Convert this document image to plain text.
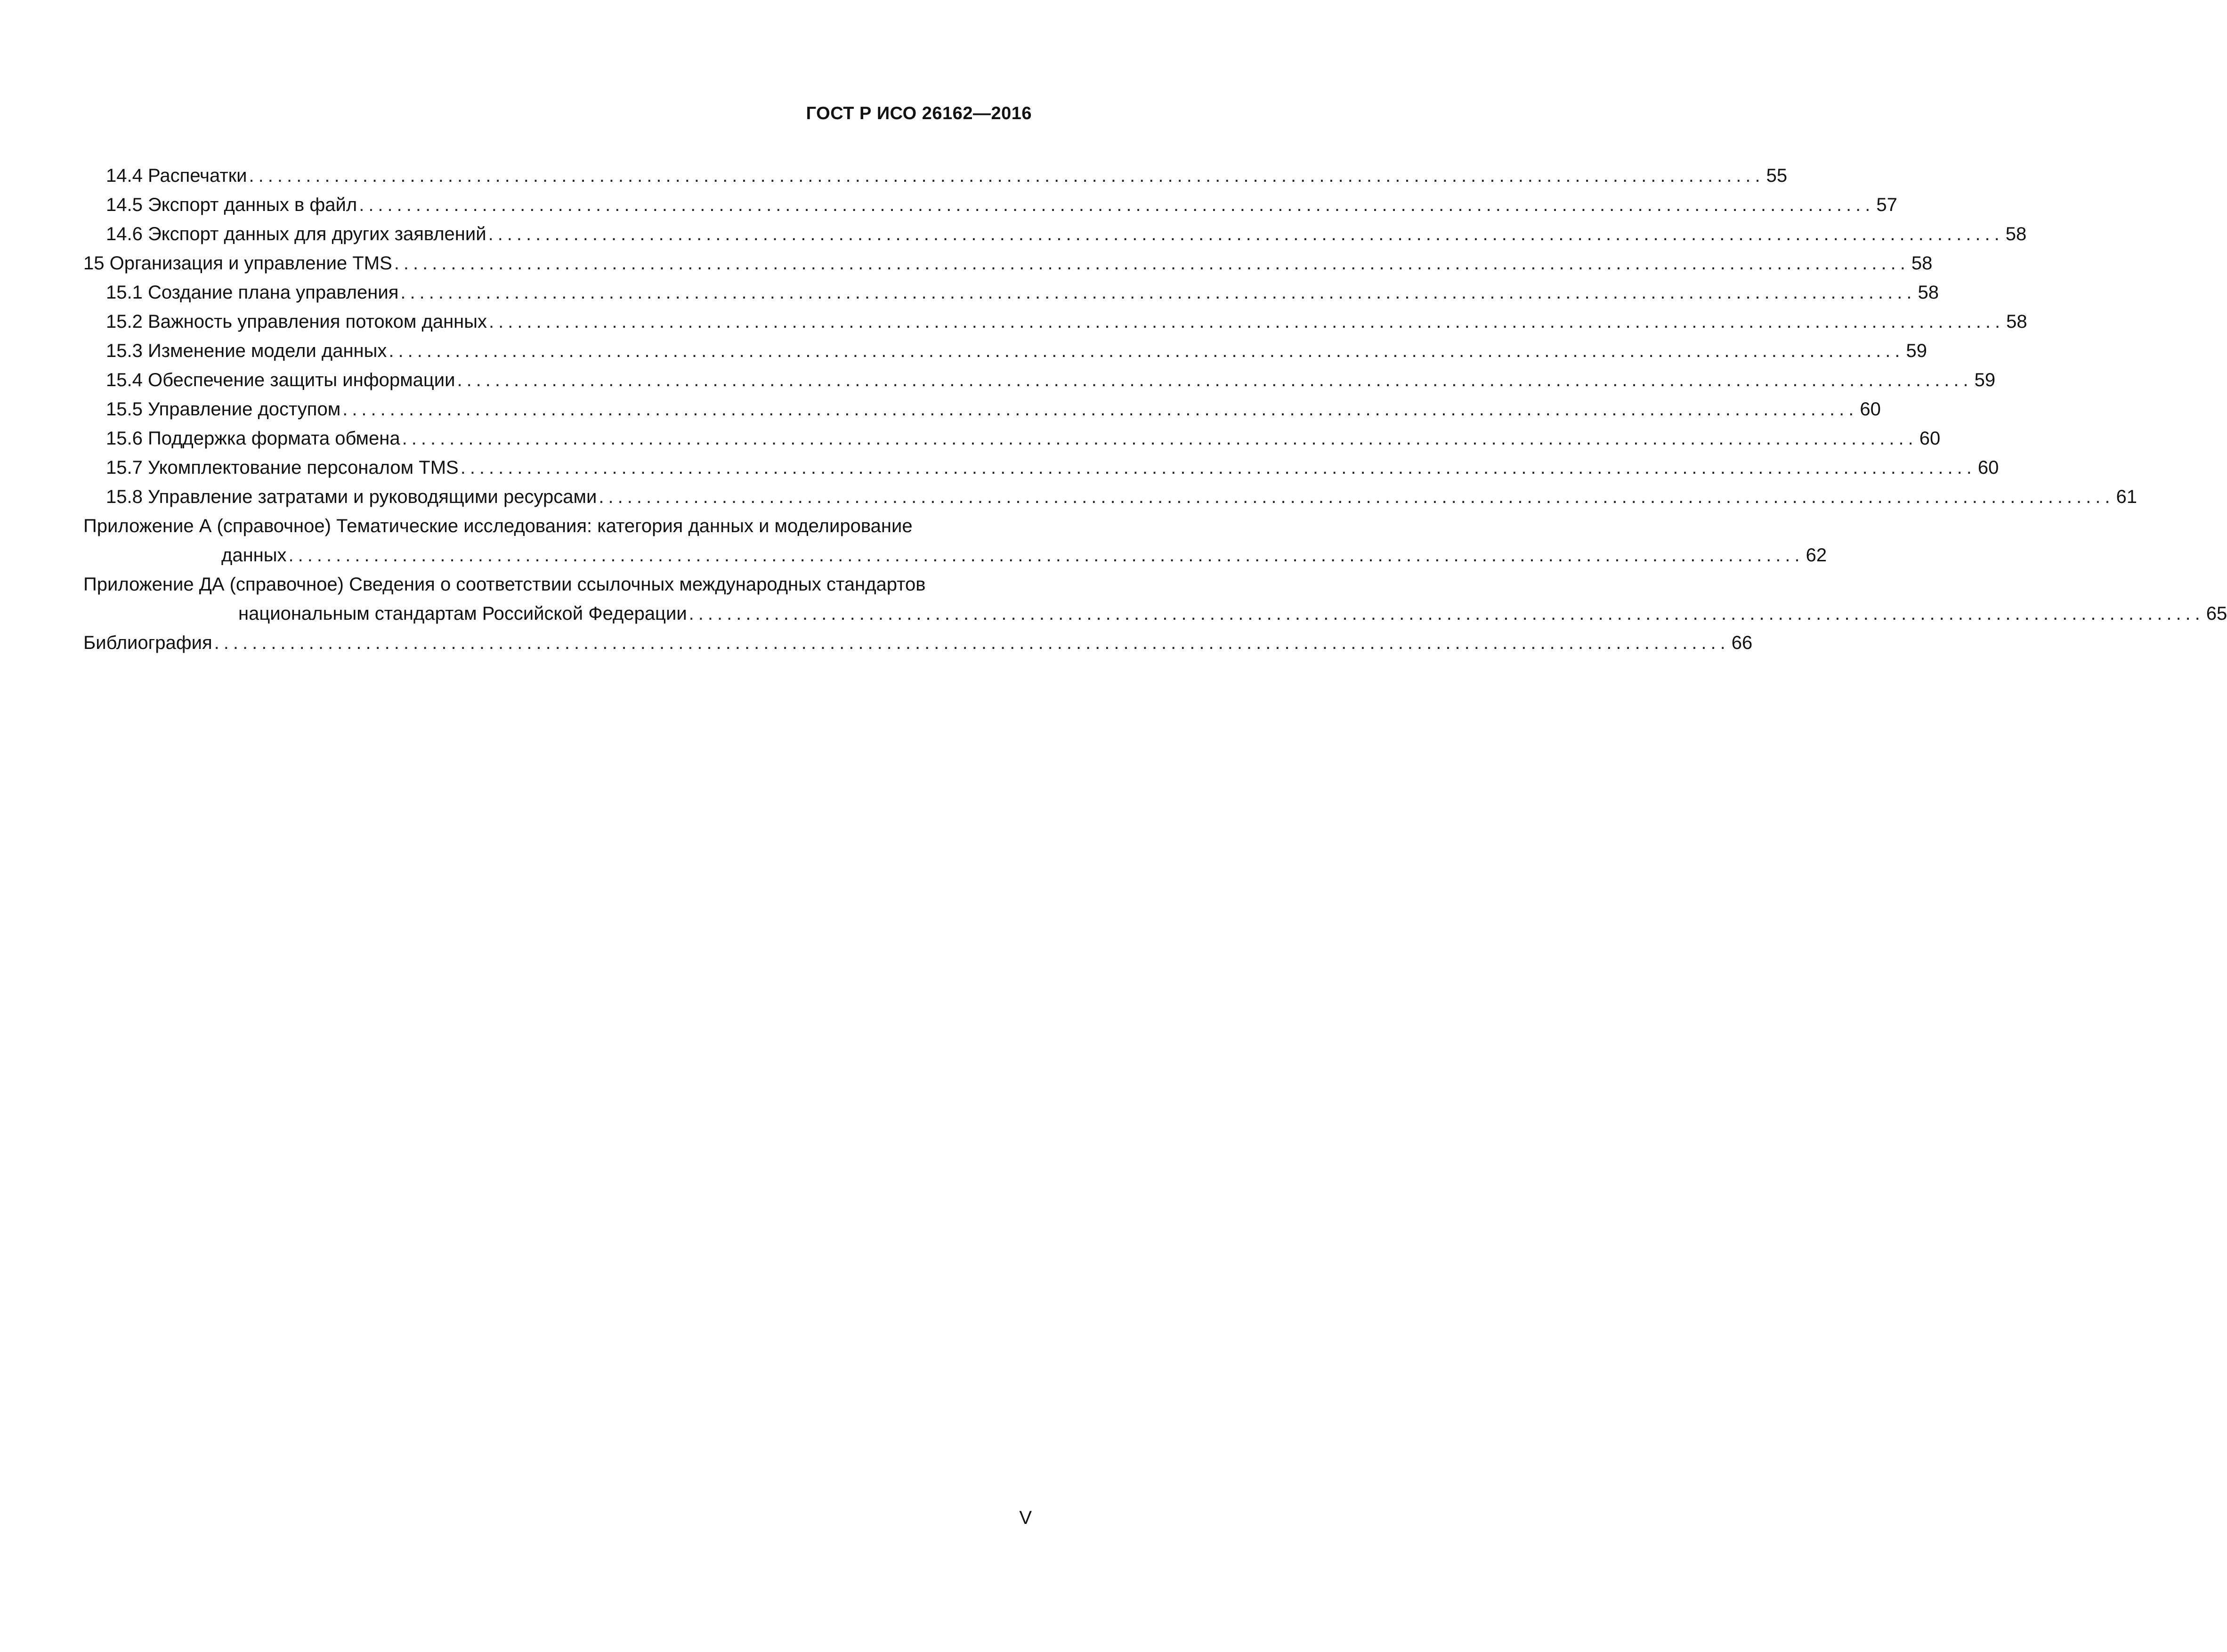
ГОСТ Р ИСО 26162—2016
14.4 Распечатки ................................................................................................................................................................ 55
14.5 Экспорт данных в файл ................................................................................................................................................................ 57
14.6 Экспорт данных для других заявлений ................................................................................................................................................................ 58
15 Организация и управление TMS ................................................................................................................................................................ 58
15.1 Создание плана управления ................................................................................................................................................................ 58
15.2 Важность управления потоком данных ................................................................................................................................................................ 58
15.3 Изменение модели данных ................................................................................................................................................................ 59
15.4 Обеспечение защиты информации ................................................................................................................................................................ 59
15.5 Управление доступом ................................................................................................................................................................ 60
15.6 Поддержка формата обмена ................................................................................................................................................................ 60
15.7 Укомплектование персоналом TMS ................................................................................................................................................................ 60
15.8 Управление затратами и руководящими ресурсами ................................................................................................................................................................ 61
Приложение А (справочное) Тематические исследования: категория данных и моделирование
данных ................................................................................................................................................................ 62
Приложение ДА (справочное) Сведения о соответствии ссылочных международных стандартов
национальным стандартам Российской Федерации ................................................................................................................................................................ 65
Библиография ................................................................................................................................................................ 66
V
